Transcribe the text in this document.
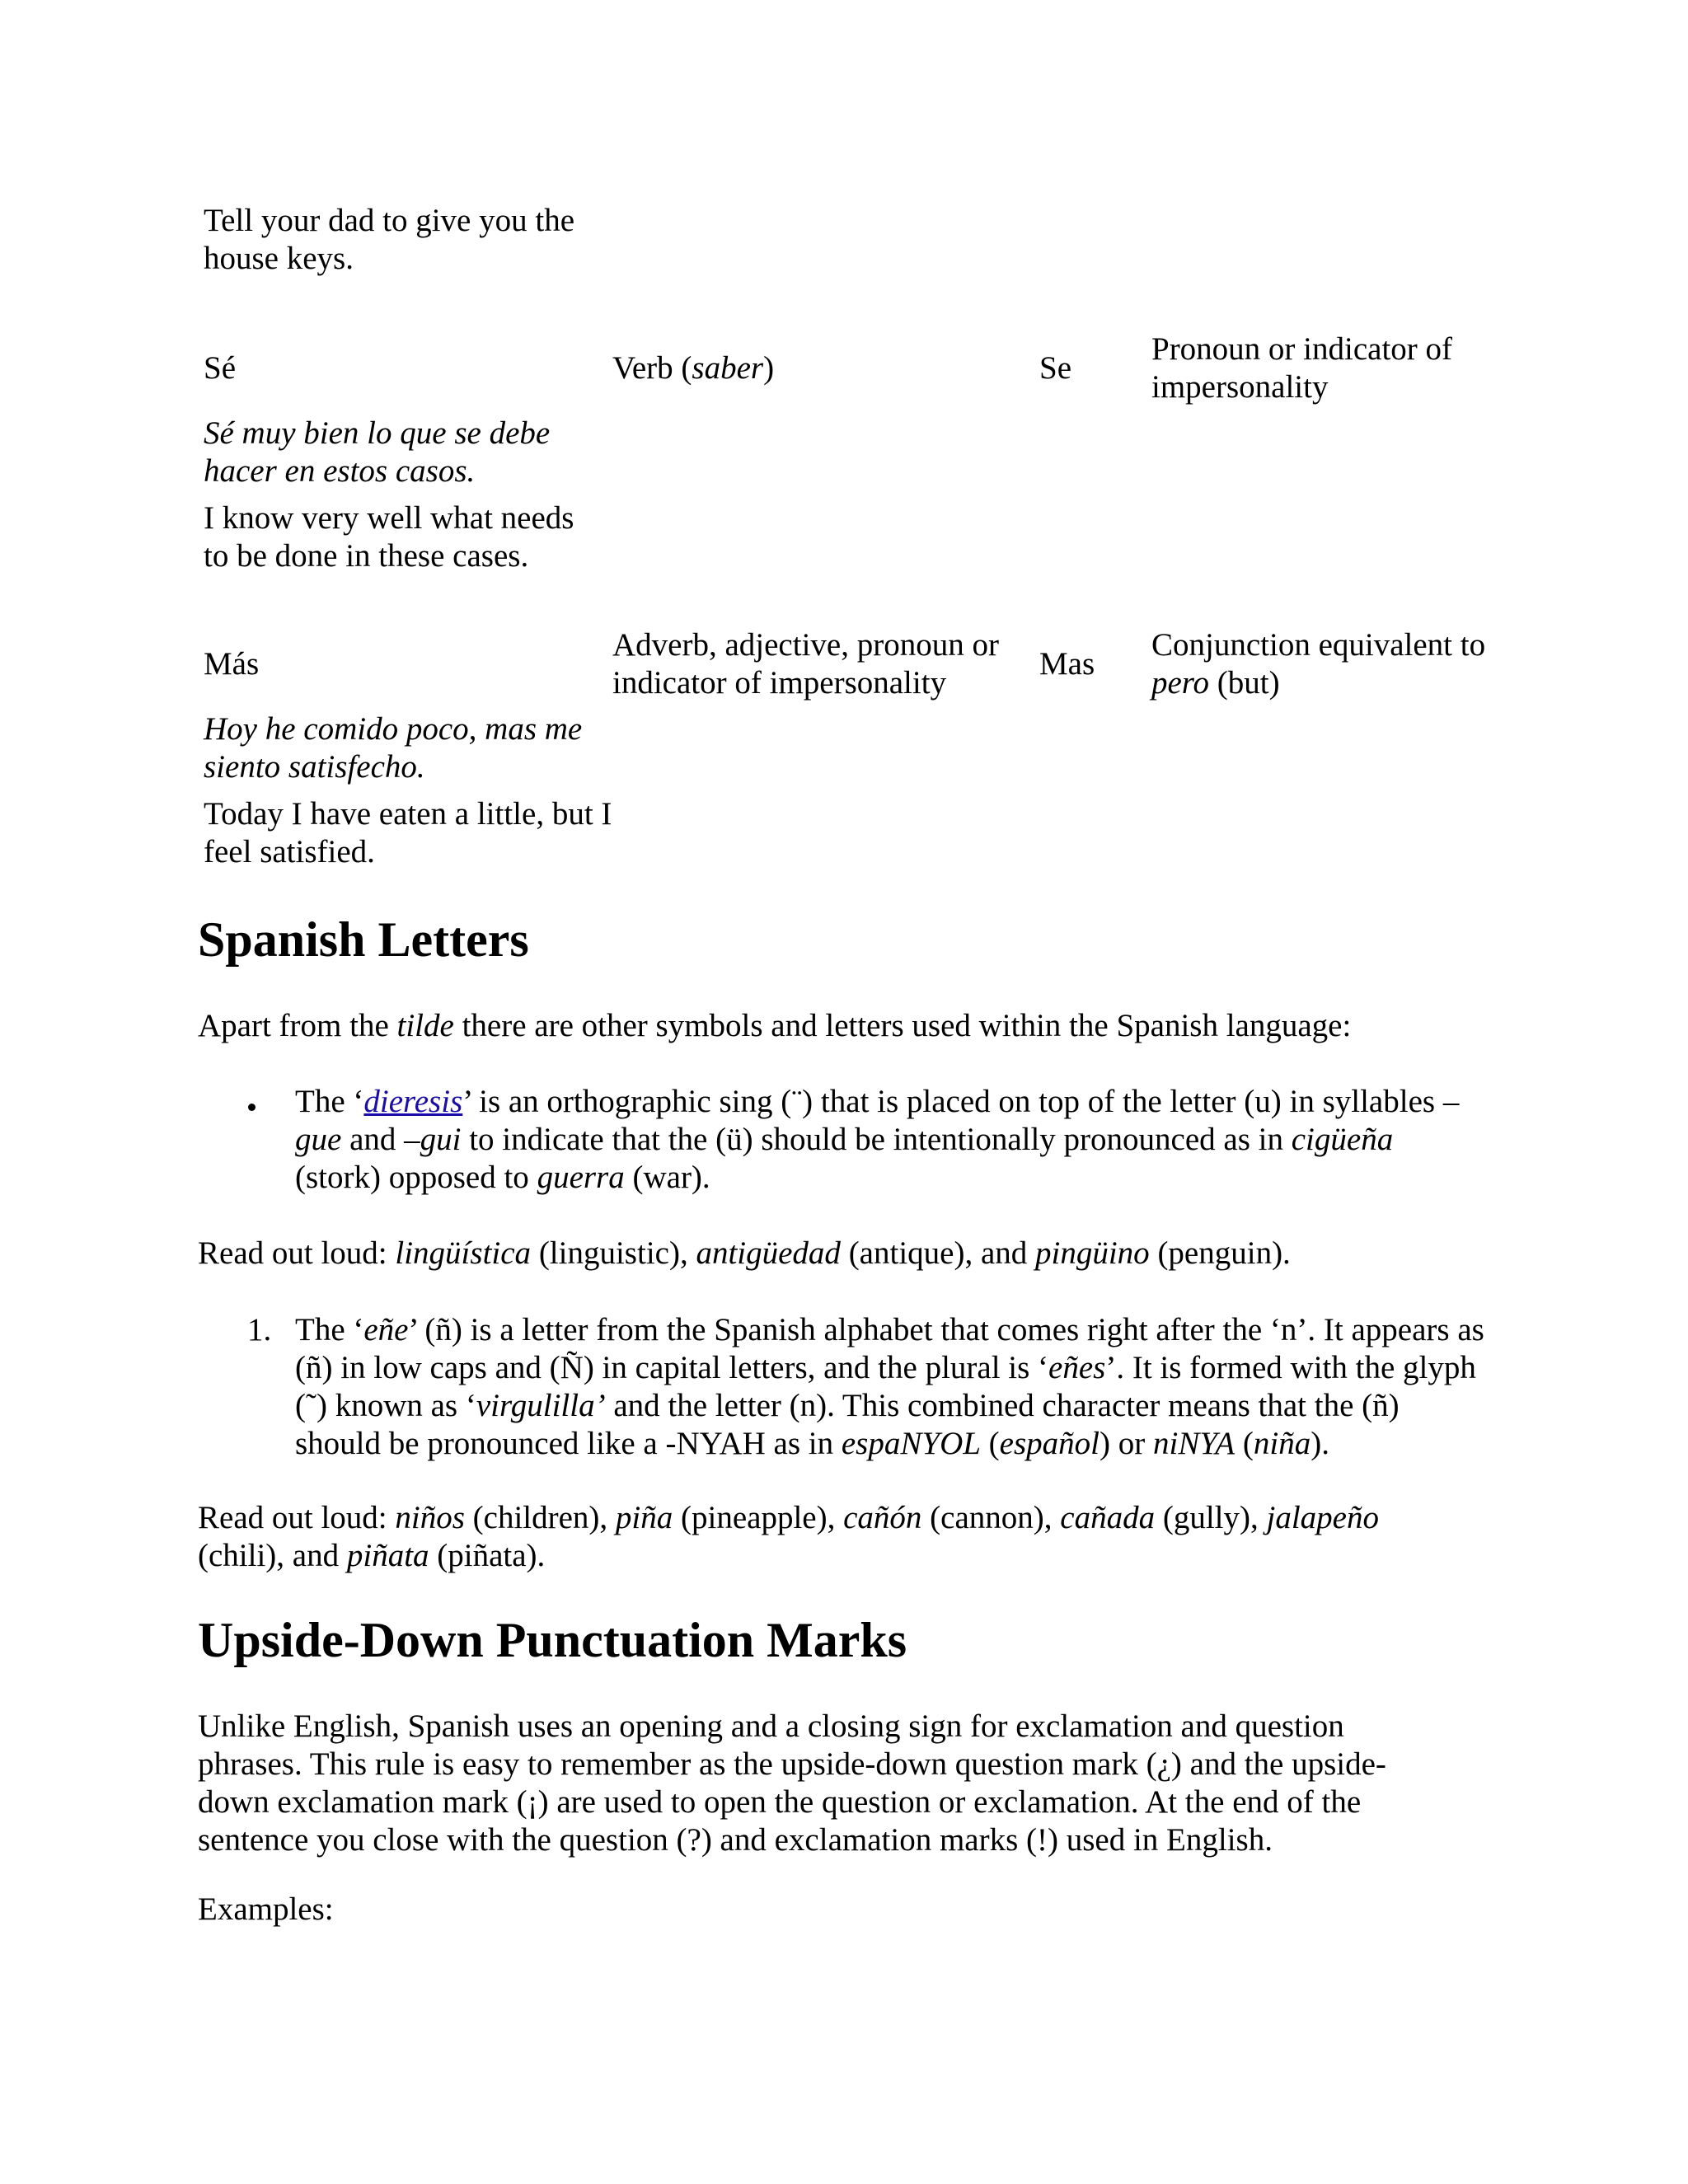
Tell your dad to give you the house keys.
Sé	Verb (saber)	Se
Pronoun or indicator of impersonality
Sé muy bien lo que se debe hacer en estos casos.
I know very well what needs to be done in these cases.
Más
Adverb, adjective, pronoun or indicator of impersonality
Mas
Conjunction equivalent to pero (but)
Hoy he comido poco, mas me siento satisfecho.
Today I have eaten a little, but I feel satisfied.
Spanish Letters

Apart from the tilde there are other symbols and letters used within the Spanish language:

The ‘dieresis’ is an orthographic sing (¨) that is placed on top of the letter (u) in syllables –gue and –gui to indicate that the (ü) should be intentionally pronounced as in cigüeña (stork) opposed to guerra (war).

Read out loud: lingüística (linguistic), antigüedad (antique), and pingüino (penguin).

1. The ‘eñe’ (ñ) is a letter from the Spanish alphabet that comes right after the ‘n’. It appears as (ñ) in low caps and (Ñ) in capital letters, and the plural is ‘eñes’. It is formed with the glyph (˜) known as ‘virgulilla’ and the letter (n). This combined character means that the (ñ) should be pronounced like a -NYAH as in espaNYOL (español) or niNYA (niña).

Read out loud: niños (children), piña (pineapple), cañón (cannon), cañada (gully), jalapeño (chili), and piñata (piñata).

Upside-Down Punctuation Marks

Unlike English, Spanish uses an opening and a closing sign for exclamation and question phrases. This rule is easy to remember as the upside-down question mark (¿) and the upside-down exclamation mark (¡) are used to open the question or exclamation. At the end of the sentence you close with the question (?) and exclamation marks (!) used in English.

Examples:
